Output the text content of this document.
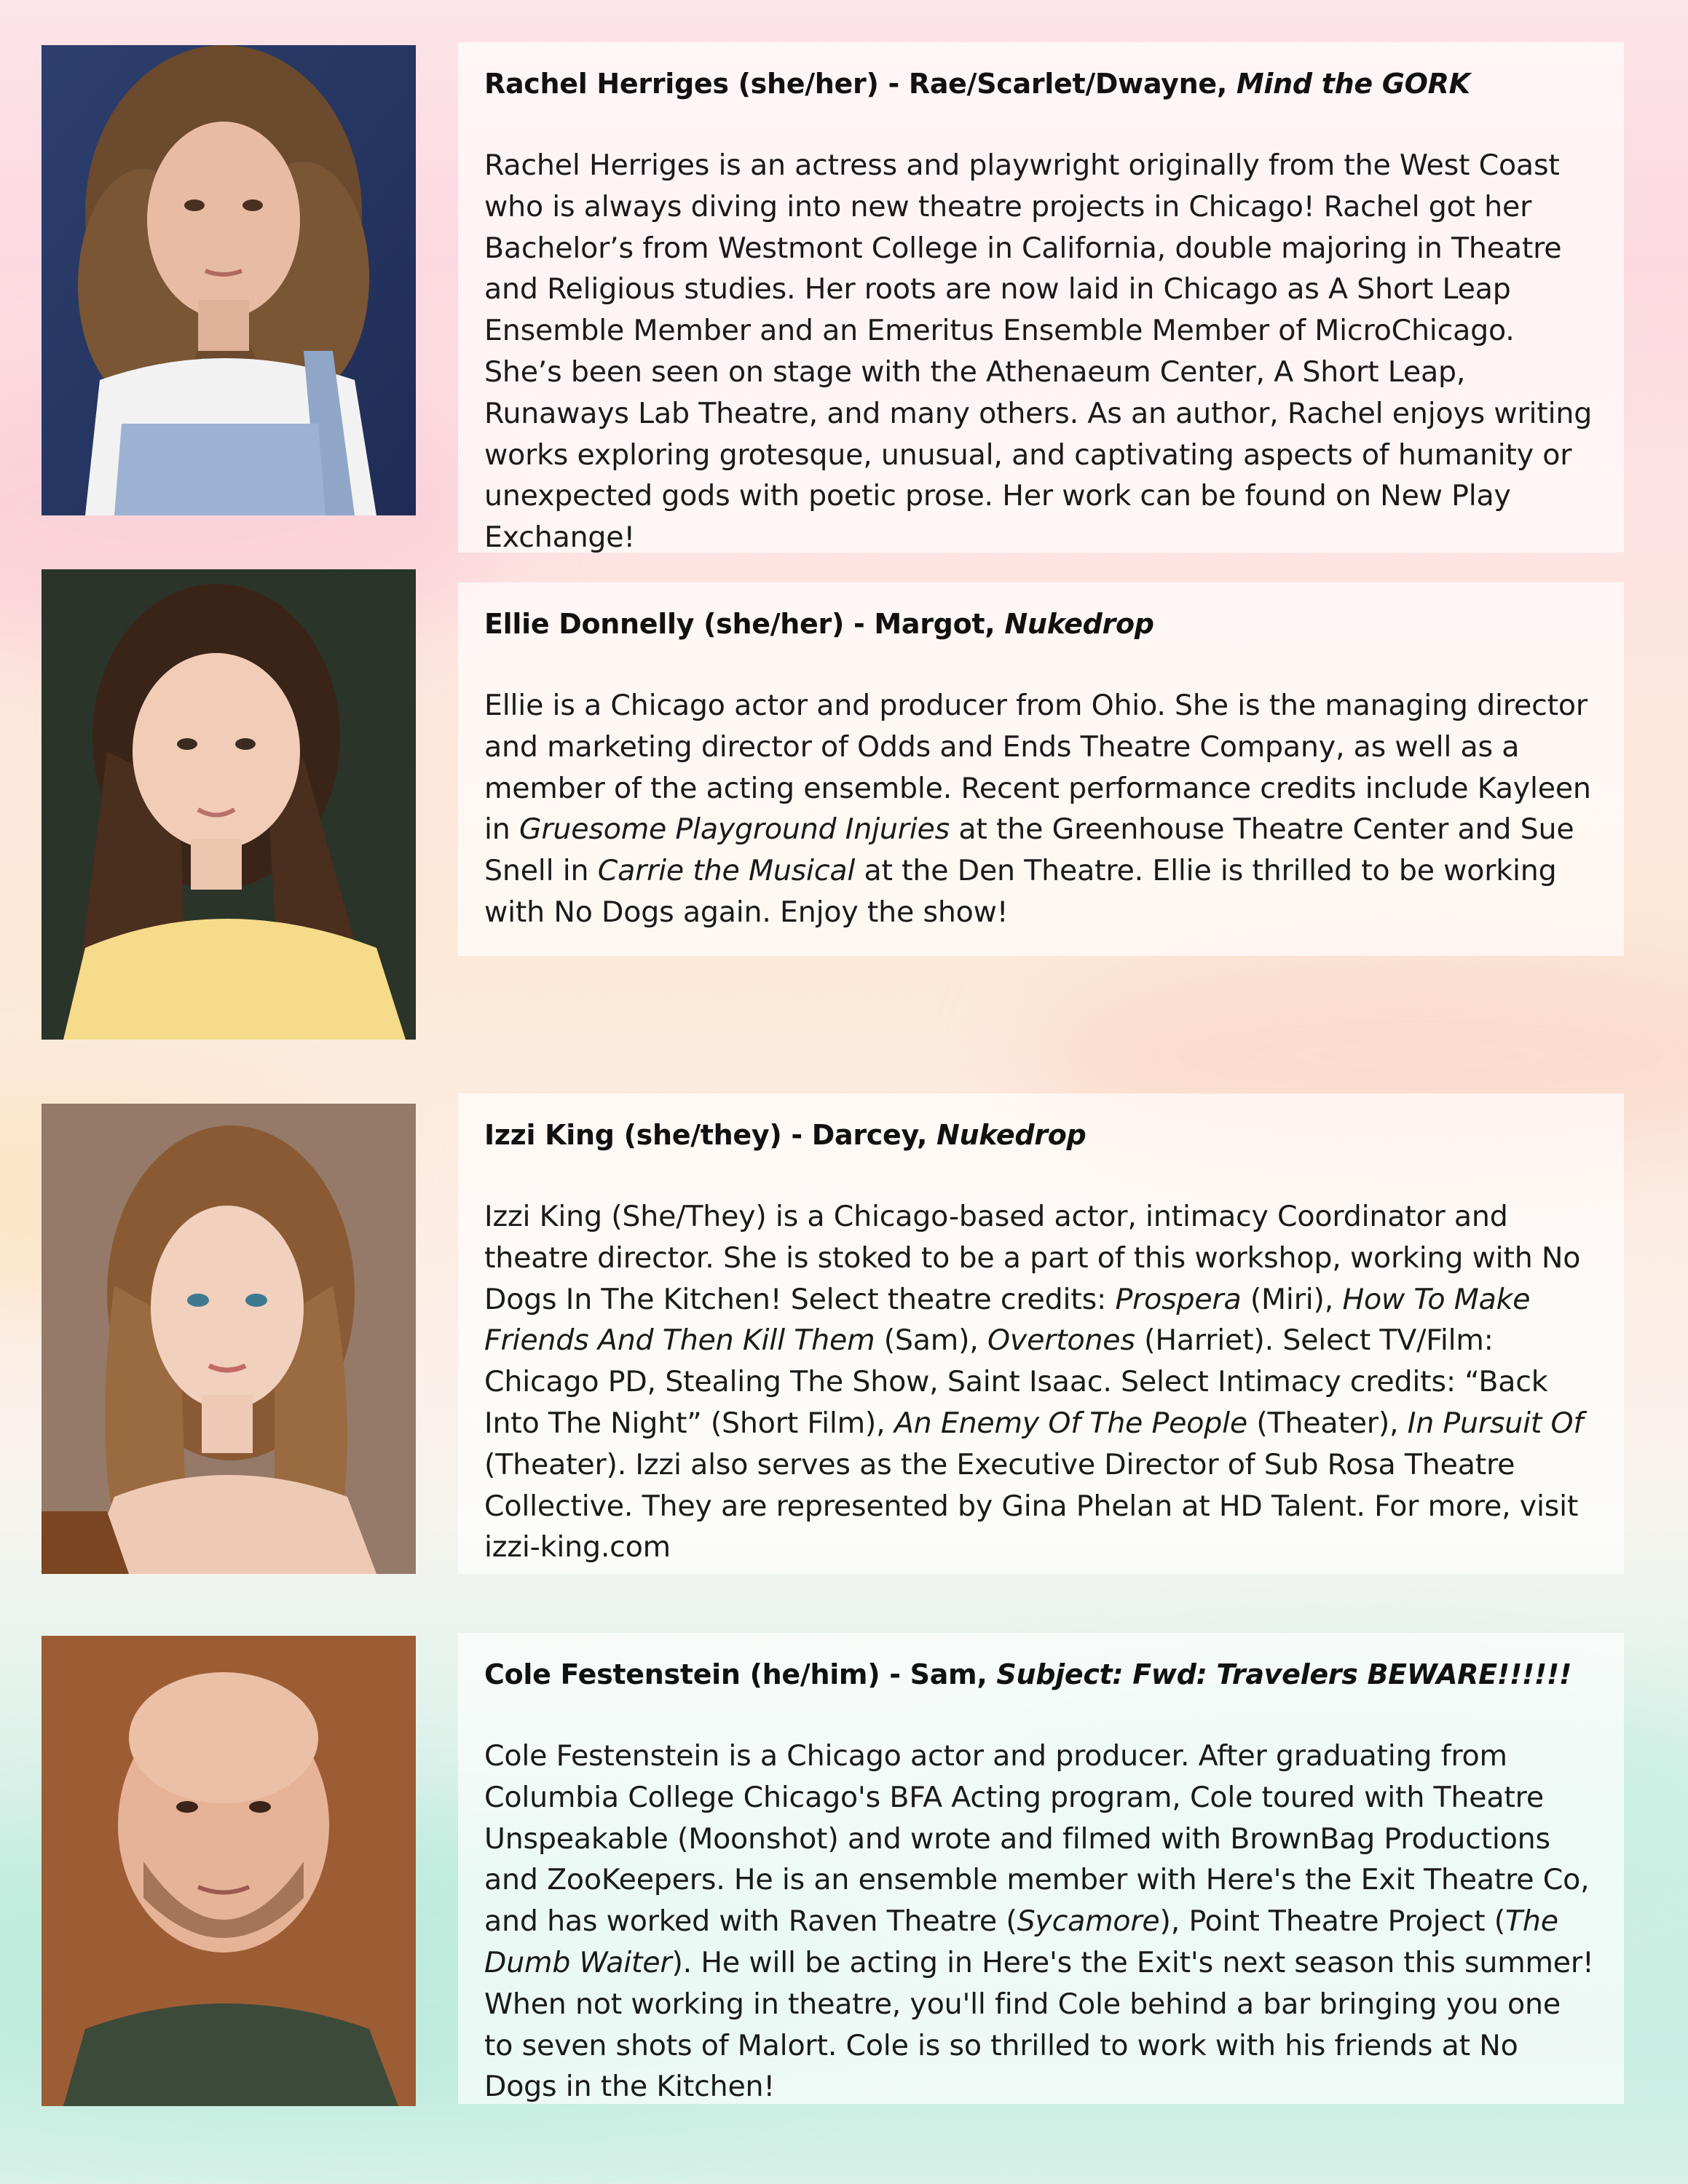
Rachel Herriges (she/her) - Rae/Scarlet/Dwayne, Mind the GORK

Rachel Herriges is an actress and playwright originally from the West Coast who is always diving into new theatre projects in Chicago! Rachel got her Bachelor’s from Westmont College in California, double majoring in Theatre and Religious studies. Her roots are now laid in Chicago as A Short Leap Ensemble Member and an Emeritus Ensemble Member of MicroChicago. She’s been seen on stage with the Athenaeum Center, A Short Leap, Runaways Lab Theatre, and many others. As an author, Rachel enjoys writing works exploring grotesque, unusual, and captivating aspects of humanity or unexpected gods with poetic prose. Her work can be found on New Play Exchange!

Ellie Donnelly (she/her) - Margot, Nukedrop

Ellie is a Chicago actor and producer from Ohio. She is the managing director and marketing director of Odds and Ends Theatre Company, as well as a member of the acting ensemble. Recent performance credits include Kayleen in Gruesome Playground Injuries at the Greenhouse Theatre Center and Sue Snell in Carrie the Musical at the Den Theatre. Ellie is thrilled to be working with No Dogs again. Enjoy the show!

Izzi King (she/they) - Darcey, Nukedrop

Izzi King (She/They) is a Chicago-based actor, intimacy Coordinator and theatre director. She is stoked to be a part of this workshop, working with No Dogs In The Kitchen! Select theatre credits: Prospera (Miri), How To Make Friends And Then Kill Them (Sam), Overtones (Harriet). Select TV/Film: Chicago PD, Stealing The Show, Saint Isaac. Select Intimacy credits: “Back Into The Night” (Short Film), An Enemy Of The People (Theater), In Pursuit Of (Theater). Izzi also serves as the Executive Director of Sub Rosa Theatre Collective. They are represented by Gina Phelan at HD Talent. For more, visit izzi-king.com

Cole Festenstein (he/him) - Sam, Subject: Fwd: Travelers BEWARE!!!!!!

Cole Festenstein is a Chicago actor and producer. After graduating from Columbia College Chicago's BFA Acting program, Cole toured with Theatre Unspeakable (Moonshot) and wrote and filmed with BrownBag Productions and ZooKeepers. He is an ensemble member with Here's the Exit Theatre Co, and has worked with Raven Theatre (Sycamore), Point Theatre Project (The Dumb Waiter). He will be acting in Here's the Exit's next season this summer! When not working in theatre, you'll find Cole behind a bar bringing you one to seven shots of Malort. Cole is so thrilled to work with his friends at No Dogs in the Kitchen!
